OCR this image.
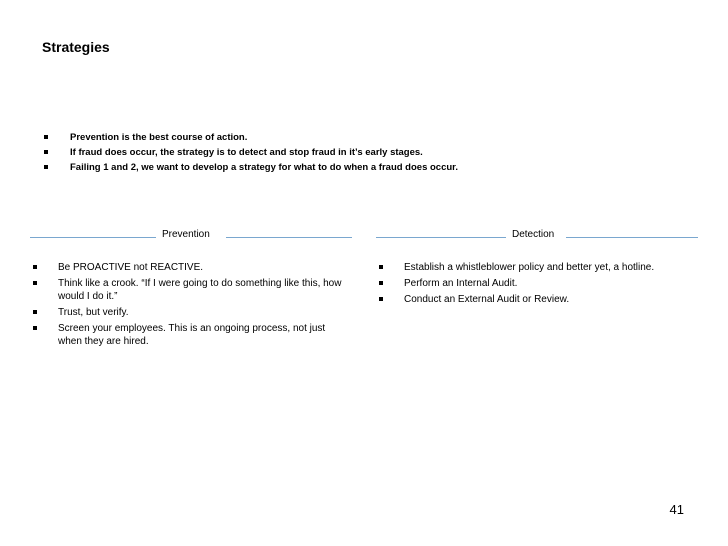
Strategies
Prevention is the best course of action.
If fraud does occur, the strategy is to detect and stop fraud in it’s early stages.
Failing 1 and 2, we want to develop a strategy for what to do when a fraud does occur.
Prevention
Be PROACTIVE not REACTIVE.
Think like a crook. “If I were going to do something like this, how would I do it.”
Trust, but verify.
Screen your employees. This is an ongoing process, not just when they are hired.
Detection
Establish a whistleblower policy and better yet, a hotline.
Perform an Internal Audit.
Conduct an External Audit or Review.
41
